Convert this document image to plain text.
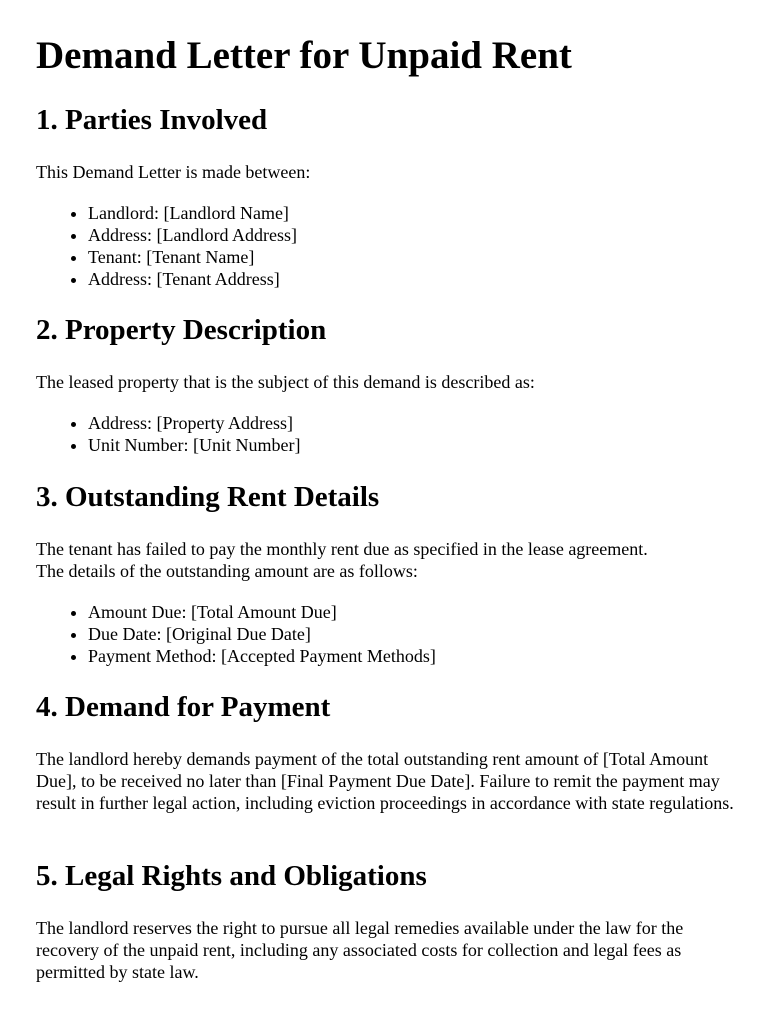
Demand Letter for Unpaid Rent
1. Parties Involved

This Demand Letter is made between:

• Landlord: [Landlord Name]
• Address: [Landlord Address]
• Tenant: [Tenant Name]
• Address: [Tenant Address]
2. Property Description

The leased property that is the subject of this demand is described as:

• Address: [Property Address]
• Unit Number: [Unit Number]
3. Outstanding Rent Details

The tenant has failed to pay the monthly rent due as specified in the lease agreement. The details of the outstanding amount are as follows:

• Amount Due: [Total Amount Due]
• Due Date: [Original Due Date]
• Payment Method: [Accepted Payment Methods]
4. Demand for Payment

The landlord hereby demands payment of the total outstanding rent amount of [Total Amount Due], to be received no later than [Final Payment Due Date]. Failure to remit the payment may result in further legal action, including eviction proceedings in accordance with state regulations.

5. Legal Rights and Obligations

The landlord reserves the right to pursue all legal remedies available under the law for the recovery of the unpaid rent, including any associated costs for collection and legal fees as permitted by state law.
